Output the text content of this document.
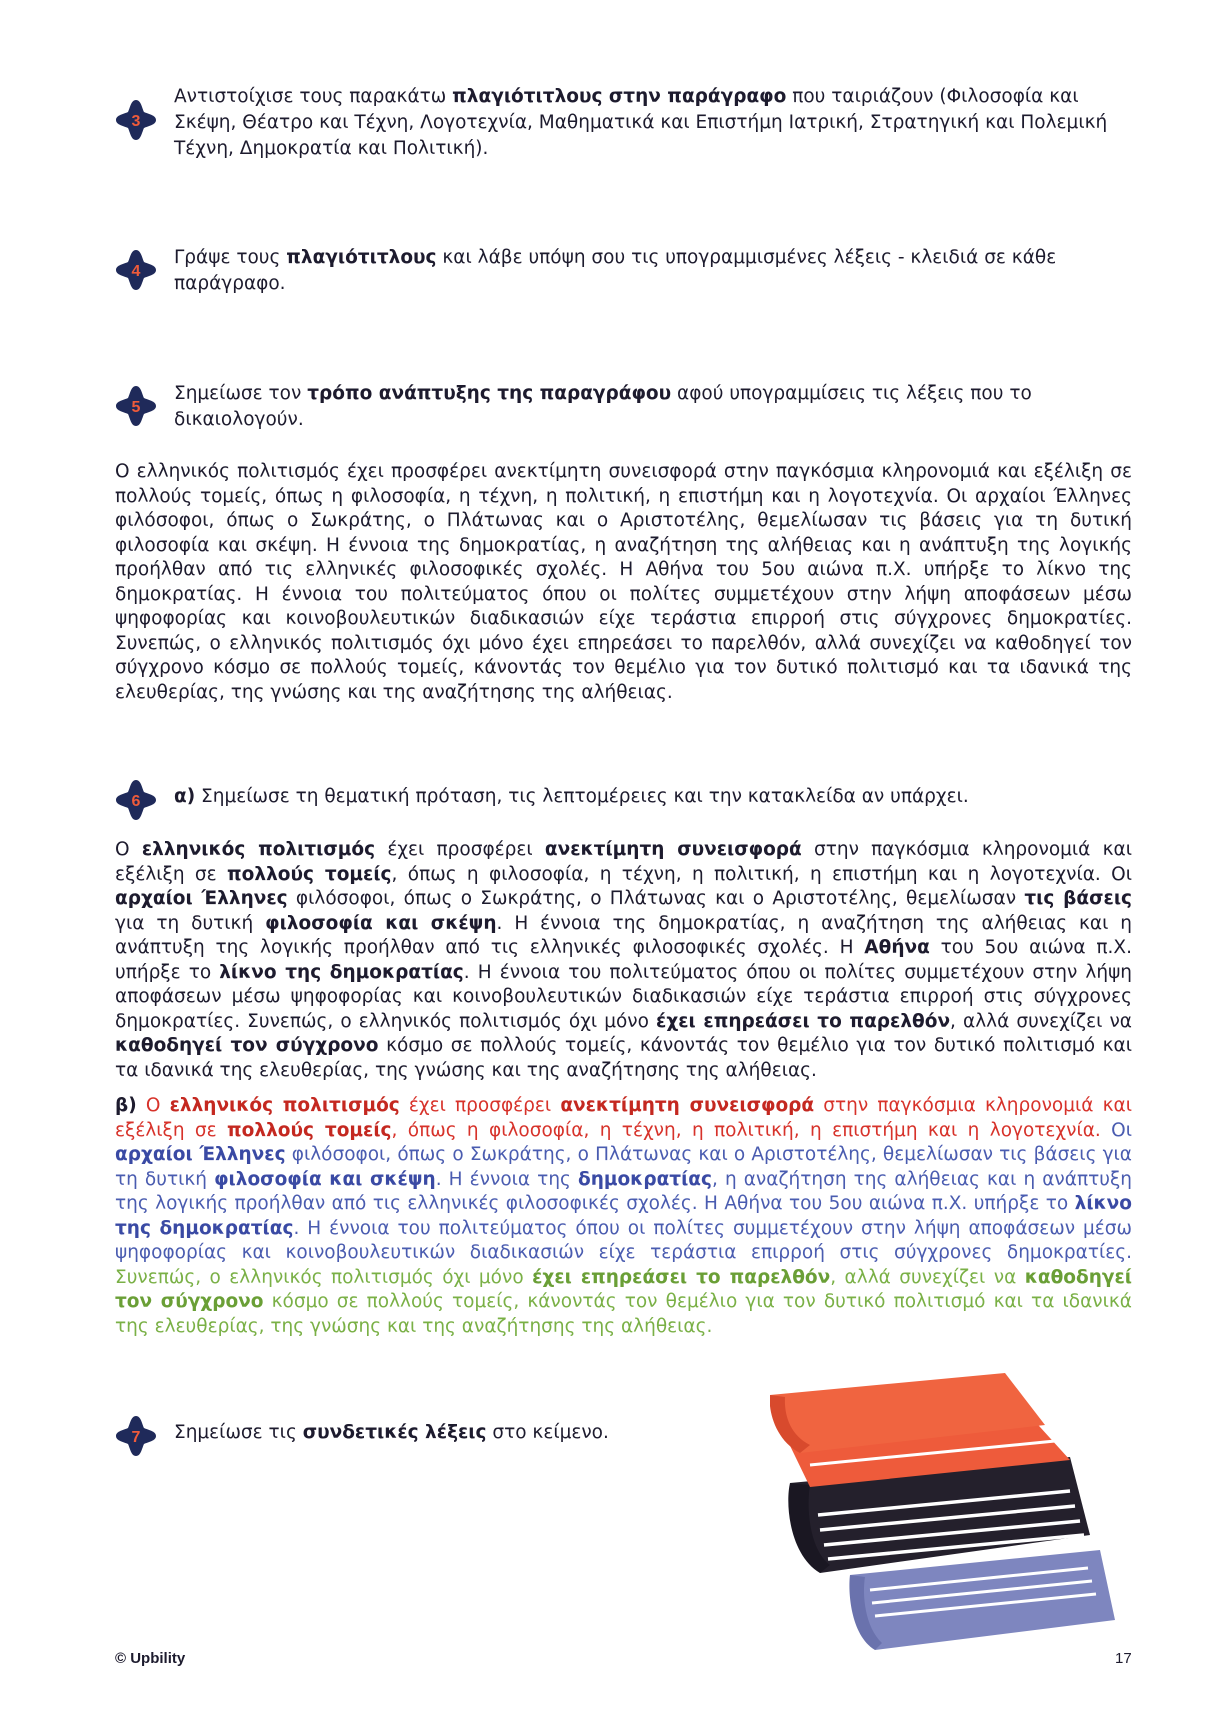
3
Αντιστοίχισε τους παρακάτω πλαγιότιτλους στην παράγραφο που ταιριάζουν (Φιλοσοφία και Σκέψη, Θέατρο και Τέχνη, Λογοτεχνία, Μαθηματικά και Επιστήμη Ιατρική, Στρατηγική και Πολεμική Τέχνη, Δημοκρατία και Πολιτική).
4
Γράψε τους πλαγιότιτλους και λάβε υπόψη σου τις υπογραμμισμένες λέξεις - κλειδιά σε κάθε παράγραφο.
5
Σημείωσε τον τρόπο ανάπτυξης της παραγράφου αφού υπογραμμίσεις τις λέξεις που το δικαιολογούν.
Ο ελληνικός πολιτισμός έχει προσφέρει ανεκτίμητη συνεισφορά στην παγκόσμια κληρονομιά και εξέλιξη σε πολλούς τομείς, όπως η φιλοσοφία, η τέχνη, η πολιτική, η επιστήμη και η λογοτεχνία. Οι αρχαίοι Έλληνες φιλόσοφοι, όπως ο Σωκράτης, ο Πλάτωνας και ο Αριστοτέλης, θεμελίωσαν τις βάσεις για τη δυτική φιλοσοφία και σκέψη. Η έννοια της δημοκρατίας, η αναζήτηση της αλήθειας και η ανάπτυξη της λογικής προήλθαν από τις ελληνικές φιλοσοφικές σχολές. Η Αθήνα του 5ου αιώνα π.Χ. υπήρξε το λίκνο της δημοκρατίας. Η έννοια του πολιτεύματος όπου οι πολίτες συμμετέχουν στην λήψη αποφάσεων μέσω ψηφοφορίας και κοινοβουλευτικών διαδικασιών είχε τεράστια επιρροή στις σύγχρονες δημοκρατίες. Συνεπώς, ο ελληνικός πολιτισμός όχι μόνο έχει επηρεάσει το παρελθόν, αλλά συνεχίζει να καθοδηγεί τον σύγχρονο κόσμο σε πολλούς τομείς, κάνοντάς τον θεμέλιο για τον δυτικό πολιτισμό και τα ιδανικά της ελευθερίας, της γνώσης και της αναζήτησης της αλήθειας.
6 α) Σημείωσε τη θεματική πρόταση, τις λεπτομέρειες και την κατακλείδα αν υπάρχει.
Ο ελληνικός πολιτισμός έχει προσφέρει ανεκτίμητη συνεισφορά στην παγκόσμια κληρονομιά και εξέλιξη σε πολλούς τομείς, όπως η φιλοσοφία, η τέχνη, η πολιτική, η επιστήμη και η λογοτεχνία. Οι αρχαίοι Έλληνες φιλόσοφοι, όπως ο Σωκράτης, ο Πλάτωνας και ο Αριστοτέλης, θεμελίωσαν τις βάσεις για τη δυτική φιλοσοφία και σκέψη. Η έννοια της δημοκρατίας, η αναζήτηση της αλήθειας και η ανάπτυξη της λογικής προήλθαν από τις ελληνικές φιλοσοφικές σχολές. Η Αθήνα του 5ου αιώνα π.Χ. υπήρξε το λίκνο της δημοκρατίας. Η έννοια του πολιτεύματος όπου οι πολίτες συμμετέχουν στην λήψη αποφάσεων μέσω ψηφοφορίας και κοινοβουλευτικών διαδικασιών είχε τεράστια επιρροή στις σύγχρονες δημοκρατίες. Συνεπώς, ο ελληνικός πολιτισμός όχι μόνο έχει επηρεάσει το παρελθόν, αλλά συνεχίζει να καθοδηγεί τον σύγχρονο κόσμο σε πολλούς τομείς, κάνοντάς τον θεμέλιο για τον δυτικό πολιτισμό και τα ιδανικά της ελευθερίας, της γνώσης και της αναζήτησης της αλήθειας.
β) Ο ελληνικός πολιτισμός έχει προσφέρει ανεκτίμητη συνεισφορά στην παγκόσμια κληρονομιά και εξέλιξη σε πολλούς τομείς, όπως η φιλοσοφία, η τέχνη, η πολιτική, η επιστήμη και η λογοτεχνία. Οι αρχαίοι Έλληνες φιλόσοφοι, όπως ο Σωκράτης, ο Πλάτωνας και ο Αριστοτέλης, θεμελίωσαν τις βάσεις για τη δυτική φιλοσοφία και σκέψη. Η έννοια της δημοκρατίας, η αναζήτηση της αλήθειας και η ανάπτυξη της λογικής προήλθαν από τις ελληνικές φιλοσοφικές σχολές. Η Αθήνα του 5ου αιώνα π.Χ. υπήρξε το λίκνο της δημοκρατίας. Η έννοια του πολιτεύματος όπου οι πολίτες συμμετέχουν στην λήψη αποφάσεων μέσω ψηφοφορίας και κοινοβουλευτικών διαδικασιών είχε τεράστια επιρροή στις σύγχρονες δημοκρατίες. Συνεπώς, ο ελληνικός πολιτισμός όχι μόνο έχει επηρεάσει το παρελθόν, αλλά συνεχίζει να καθοδηγεί τον σύγχρονο κόσμο σε πολλούς τομείς, κάνοντάς τον θεμέλιο για τον δυτικό πολιτισμό και τα ιδανικά της ελευθερίας, της γνώσης και της αναζήτησης της αλήθειας.
7 Σημείωσε τις συνδετικές λέξεις στο κείμενο.
© Upbility	17
